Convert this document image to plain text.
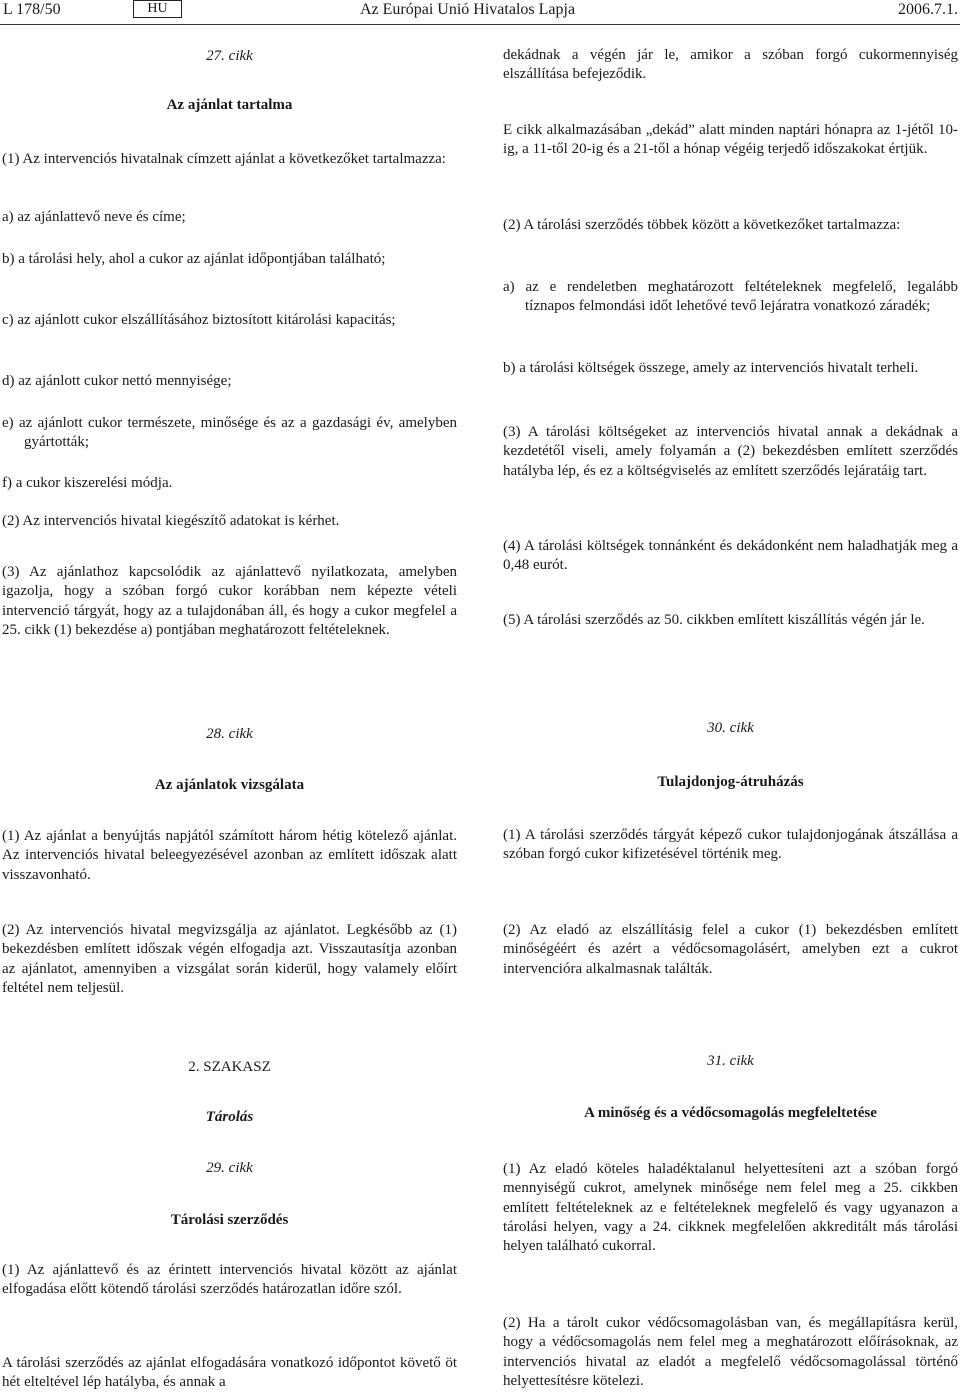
L 178/50	HU	Az Európai Unió Hivatalos Lapja	2006.7.1.

27. cikk

Az ajánlat tartalma

(1) Az intervenciós hivatalnak címzett ajánlat a következőket tartalmazza:

a) az ajánlattevő neve és címe;

b) a tárolási hely, ahol a cukor az ajánlat időpontjában található;

c) az ajánlott cukor elszállításához biztosított kitárolási kapacitás;

d) az ajánlott cukor nettó mennyisége;

e) az ajánlott cukor természete, minősége és az a gazdasági év, amelyben gyártották;

f) a cukor kiszerelési módja.

(2) Az intervenciós hivatal kiegészítő adatokat is kérhet.

(3) Az ajánlathoz kapcsolódik az ajánlattevő nyilatkozata, amelyben igazolja, hogy a szóban forgó cukor korábban nem képezte vételi intervenció tárgyát, hogy az a tulajdonában áll, és hogy a cukor megfelel a 25. cikk (1) bekezdése a) pontjában meghatározott feltételeknek.

28. cikk

Az ajánlatok vizsgálata

(1) Az ajánlat a benyújtás napjától számított három hétig kötelező ajánlat. Az intervenciós hivatal beleegyezésével azonban az említett időszak alatt visszavonható.

(2) Az intervenciós hivatal megvizsgálja az ajánlatot. Legkésőbb az (1) bekezdésben említett időszak végén elfogadja azt. Visszautasítja azonban az ajánlatot, amennyiben a vizsgálat során kiderül, hogy valamely előírt feltétel nem teljesül.

2. SZAKASZ

Tárolás

29. cikk

Tárolási szerződés

(1) Az ajánlattevő és az érintett intervenciós hivatal között az ajánlat elfogadása előtt kötendő tárolási szerződés határozatlan időre szól.

A tárolási szerződés az ajánlat elfogadására vonatkozó időpontot követő öt hét elteltével lép hatályba, és annak a

dekádnak a végén jár le, amikor a szóban forgó cukormennyiség elszállítása befejeződik.

E cikk alkalmazásában „dekád” alatt minden naptári hónapra az 1-jétől 10-ig, a 11-től 20-ig és a 21-től a hónap végéig terjedő időszakokat értjük.

(2) A tárolási szerződés többek között a következőket tartalmazza:

a) az e rendeletben meghatározott feltételeknek megfelelő, legalább tíznapos felmondási időt lehetővé tevő lejáratra vonatkozó záradék;

b) a tárolási költségek összege, amely az intervenciós hivatalt terheli.

(3) A tárolási költségeket az intervenciós hivatal annak a dekádnak a kezdetétől viseli, amely folyamán a (2) bekezdésben említett szerződés hatályba lép, és ez a költségviselés az említett szerződés lejáratáig tart.

(4) A tárolási költségek tonnánként és dekádonként nem haladhatják meg a 0,48 eurót.

(5) A tárolási szerződés az 50. cikkben említett kiszállítás végén jár le.

30. cikk

Tulajdonjog-átruházás

(1) A tárolási szerződés tárgyát képező cukor tulajdonjogának átszállása a szóban forgó cukor kifizetésével történik meg.

(2) Az eladó az elszállításig felel a cukor (1) bekezdésben említett minőségéért és azért a védőcsomagolásért, amelyben ezt a cukrot intervencióra alkalmasnak találták.

31. cikk

A minőség és a védőcsomagolás megfeleltetése

(1) Az eladó köteles haladéktalanul helyettesíteni azt a szóban forgó mennyiségű cukrot, amelynek minősége nem felel meg a 25. cikkben említett feltételeknek az e feltételeknek megfelelő és vagy ugyanazon a tárolási helyen, vagy a 24. cikknek megfelelően akkreditált más tárolási helyen található cukorral.

(2) Ha a tárolt cukor védőcsomagolásban van, és megállapításra kerül, hogy a védőcsomagolás nem felel meg a meghatározott előírásoknak, az intervenciós hivatal az eladót a megfelelő védőcsomagolással történő helyettesítésre kötelezi.
